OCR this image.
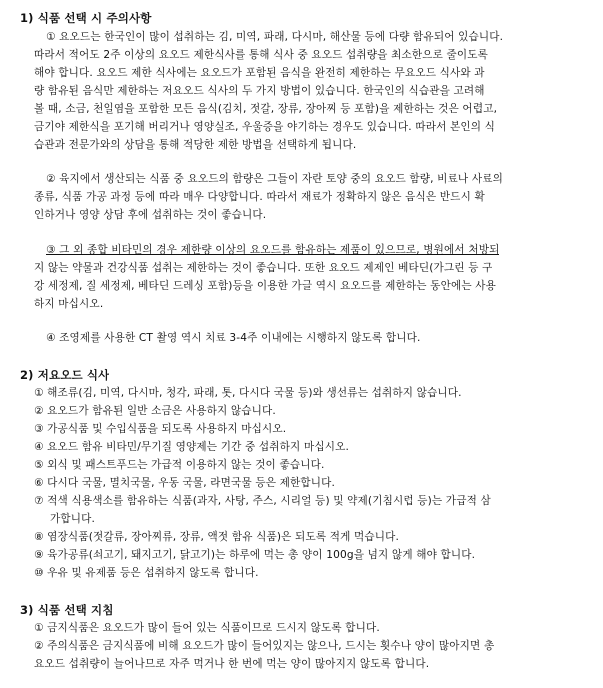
1) 식품 선택 시 주의사항
① 요오드는 한국인이 많이 섭취하는 김, 미역, 파래, 다시마, 해산물 등에 다량 함유되어 있습니다.
따라서 적어도 2주 이상의 요오드 제한식사를 통해 식사 중 요오드 섭취량을 최소한으로 줄이도록
해야 합니다. 요오드 제한 식사에는 요오드가 포함된 음식을 완전히 제한하는 무요오드 식사와 과
량 함유된 음식만 제한하는 저요오드 식사의 두 가지 방법이 있습니다. 한국인의 식습관을 고려해
볼 때, 소금, 천일염을 포함한 모든 음식(김치, 젓갈, 장류, 장아찌 등 포함)을 제한하는 것은 어렵고,
금기야 제한식을 포기해 버리거나 영양실조, 우울증을 야기하는 경우도 있습니다. 따라서 본인의 식
습관과 전문가와의 상담을 통해 적당한 제한 방법을 선택하게 됩니다.
② 육지에서 생산되는 식품 중 요오드의 함량은 그들이 자란 토양 중의 요오드 함량, 비료나 사료의
종류, 식품 가공 과정 등에 따라 매우 다양합니다. 따라서 재료가 정확하지 않은 음식은 반드시 확
인하거나 영양 상담 후에 섭취하는 것이 좋습니다.
③ 그 외 종합 비타민의 경우 제한량 이상의 요오드를 함유하는 제품이 있으므로, 병원에서 처방되
지 않는 약물과 건강식품 섭취는 제한하는 것이 좋습니다. 또한 요오드 제제인 베타딘(가그린 등 구
강 세정제, 질 세정제, 베타딘 드레싱 포함)등을 이용한 가글 역시 요오드를 제한하는 동안에는 사용
하지 마십시오.
④ 조영제를 사용한 CT 촬영 역시 치료 3-4주 이내에는 시행하지 않도록 합니다.
2) 저요오드 식사
① 해조류(김, 미역, 다시마, 청각, 파래, 톳, 다시다 국물 등)와 생선류는 섭취하지 않습니다.
② 요오드가 함유된 일반 소금은 사용하지 않습니다.
③ 가공식품 및 수입식품을 되도록 사용하지 마십시오.
④ 요오드 함유 비타민/무기질 영양제는 기간 중 섭취하지 마십시오.
⑤ 외식 및 패스트푸드는 가급적 이용하지 않는 것이 좋습니다.
⑥ 다시다 국물, 멸치국물, 우동 국물, 라면국물 등은 제한합니다.
⑦ 적색 식용색소를 함유하는 식품(과자, 사탕, 주스, 시리얼 등) 및 약제(기침시럽 등)는 가급적 삼
가합니다.
⑧ 염장식품(젓갈류, 장아찌류, 장류, 액젓 함유 식품)은 되도록 적게 먹습니다.
⑨ 육가공류(쇠고기, 돼지고기, 닭고기)는 하루에 먹는 총 양이 100g을 넘지 않게 해야 합니다.
⑩ 우유 및 유제품 등은 섭취하지 않도록 합니다.
3) 식품 선택 지침
① 금지식품은 요오드가 많이 들어 있는 식품이므로 드시지 않도록 합니다.
② 주의식품은 금지식품에 비해 요오드가 많이 들어있지는 않으나, 드시는 횟수나 양이 많아지면 총
요오드 섭취량이 늘어나므로 자주 먹거나 한 번에 먹는 양이 많아지지 않도록 합니다.
